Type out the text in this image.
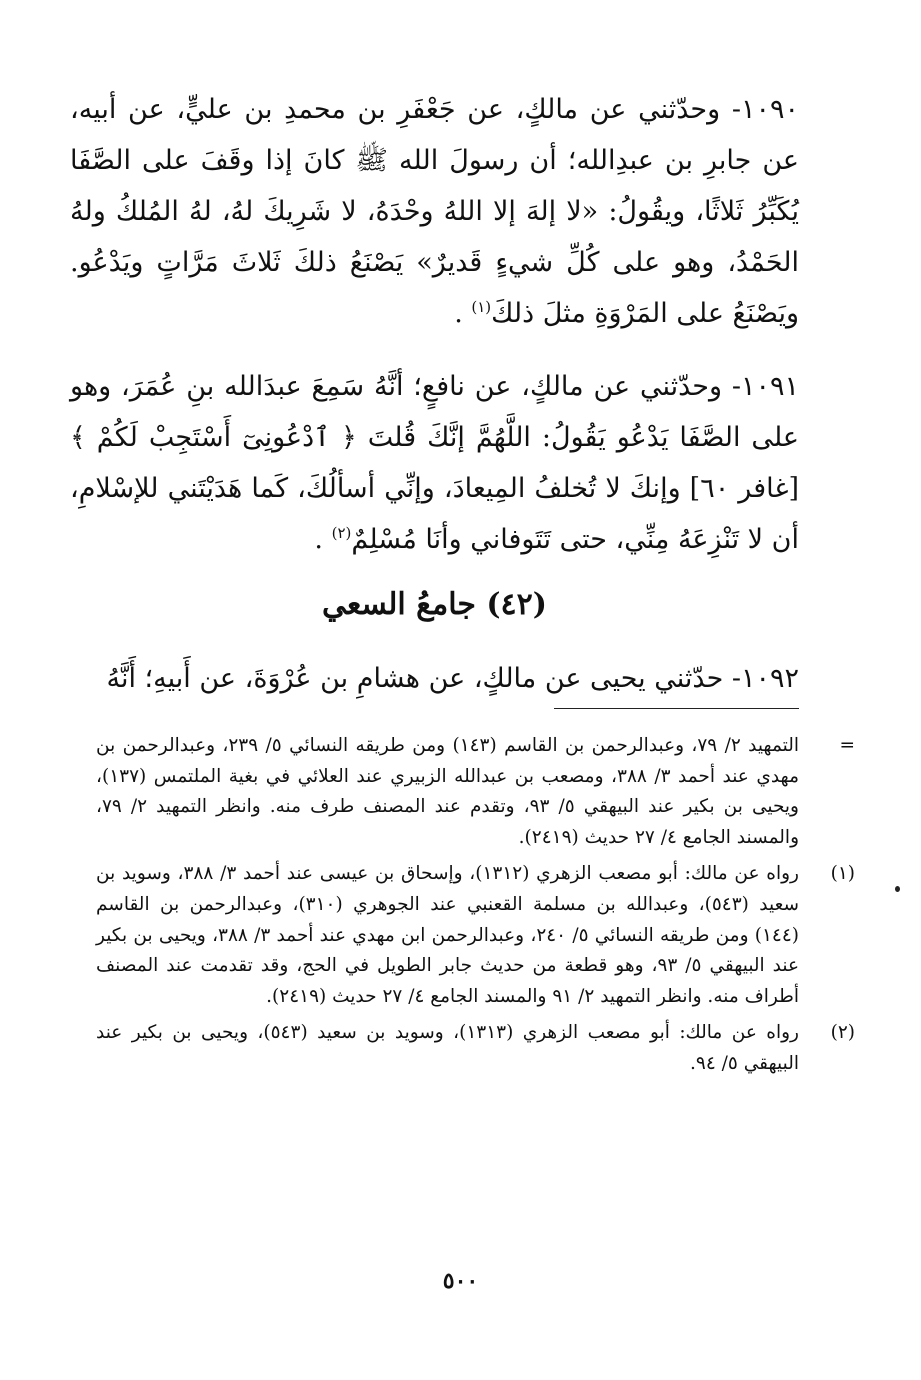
١٠٩٠- وحدّثني عن مالكٍ، عن جَعْفَرِ بن محمدِ بن عليٍّ، عن أبيه، عن جابرِ بن عبدِالله؛ أن رسولَ الله ﷺ كانَ إذا وقَفَ على الصَّفَا يُكَبِّرُ ثَلاثًا، ويقُولُ: «لا إلهَ إلا اللهُ وحْدَهُ، لا شَرِيكَ لهُ، لهُ المُلكُ ولهُ الحَمْدُ، وهو على كُلِّ شيءٍ قَديرٌ» يَصْنَعُ ذلكَ ثَلاثَ مَرَّاتٍ ويَدْعُو. ويَصْنَعُ على المَرْوَةِ مثلَ ذلكَ$^{(١)}$ .

١٠٩١- وحدّثني عن مالكٍ، عن نافعٍ؛ أنَّهُ سَمِعَ عبدَالله بنِ عُمَرَ، وهو على الصَّفَا يَدْعُو يَقُولُ: اللَّهُمَّ إنَّكَ قُلتَ ﴿ ٱدْعُونِىٓ أَسْتَجِبْ لَكُمْ ﴾ [غافر ٦٠] وإنكَ لا تُخلفُ المِيعادَ، وإنِّي أسألُكَ، كَما هَدَيْتَني للإسْلامِ، أن لا تَنْزِعَهُ مِنِّي، حتى تَتَوفاني وأنَا مُسْلِمٌ$^{(٢)}$ .

(٤٢) جامعُ السعي

١٠٩٢- حدّثني يحيى عن مالكٍ، عن هشامِ بن عُرْوَةَ، عن أَبيهِ؛ أَنَّهُ

=
التمهيد ٢/ ٧٩، وعبدالرحمن بن القاسم (١٤٣) ومن طريقه النسائي ٥/ ٢٣٩، وعبدالرحمن بن مهدي عند أحمد ٣/ ٣٨٨، ومصعب بن عبدالله الزبيري عند العلائي في بغية الملتمس (١٣٧)، ويحيى بن بكير عند البيهقي ٥/ ٩٣، وتقدم عند المصنف طرف منه. وانظر التمهيد ٢/ ٧٩، والمسند الجامع ٤/ ٢٧ حديث (٢٤١٩).

(١)
رواه عن مالك: أبو مصعب الزهري (١٣١٢)، وإسحاق بن عيسى عند أحمد ٣/ ٣٨٨، وسويد بن سعيد (٥٤٣)، وعبدالله بن مسلمة القعنبي عند الجوهري (٣١٠)، وعبدالرحمن بن القاسم (١٤٤) ومن طريقه النسائي ٥/ ٢٤٠، وعبدالرحمن ابن مهدي عند أحمد ٣/ ٣٨٨، ويحيى بن بكير عند البيهقي ٥/ ٩٣، وهو قطعة من حديث جابر الطويل في الحج، وقد تقدمت عند المصنف أطراف منه. وانظر التمهيد ٢/ ٩١ والمسند الجامع ٤/ ٢٧ حديث (٢٤١٩).

(٢)
رواه عن مالك: أبو مصعب الزهري (١٣١٣)، وسويد بن سعيد (٥٤٣)، ويحيى بن بكير عند البيهقي ٥/ ٩٤.

٥٠٠
